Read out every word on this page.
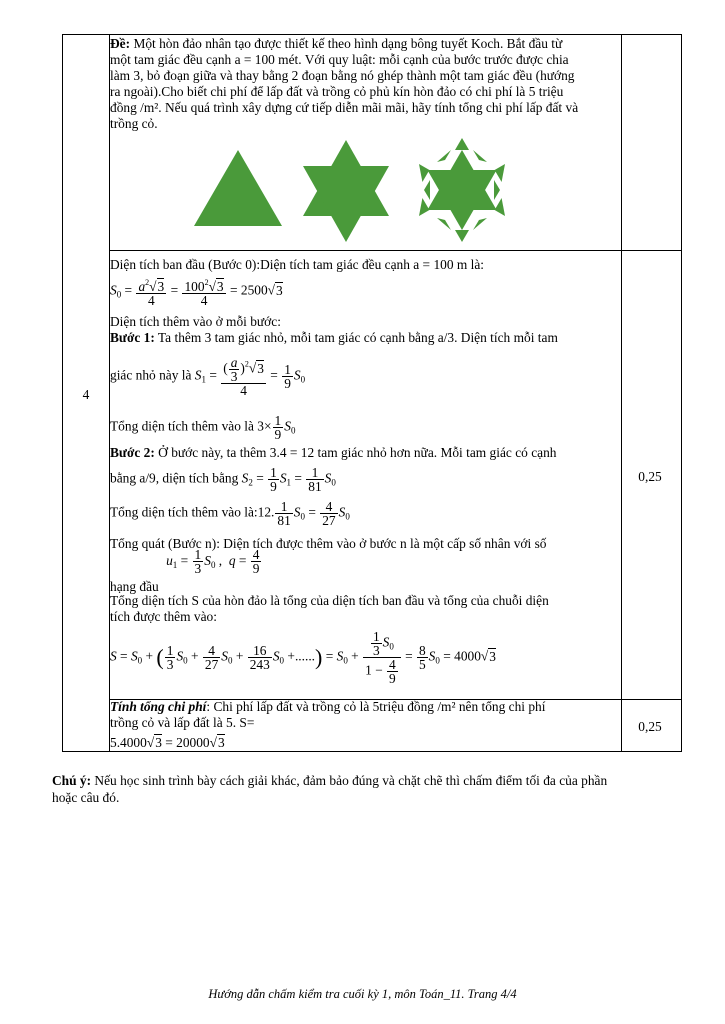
4
Đề: Một hòn đảo nhân tạo được thiết kế theo hình dạng bông tuyết Koch. Bắt đầu từ
một tam giác đều cạnh a = 100 mét. Với quy luật: mỗi cạnh của bước trước được chia
làm 3, bỏ đoạn giữa và thay bằng 2 đoạn bằng nó ghép thành một tam giác đều (hướng
ra ngoài).Cho biết chi phí để lấp đất và trồng cỏ phủ kín hòn đảo có chi phí là 5 triệu
đồng /m². Nếu quá trình xây dựng cứ tiếp diễn mãi mãi, hãy tính tổng chi phí lấp đất và
trồng cỏ.
Diện tích ban đầu (Bước 0):Diện tích tam giác đều cạnh a = 100 m là:
$S_0 = \frac{a^2√3}{4} = \frac{100^2√3}{4} = 2500√3$
Diện tích thêm vào ở mỗi bước:
Bước 1: Ta thêm 3 tam giác nhỏ, mỗi tam giác có cạnh bằng a/3. Diện tích mỗi tam
giác nhỏ này là $S_1 = \frac{( \frac{a}{3} )^2√3}{4} = \frac{1}{9} S_0$
Tổng diện tích thêm vào là $3\times \frac{1}{9} S_0$
Bước 2: Ở bước này, ta thêm 3.4 = 12 tam giác nhỏ hơn nữa. Mỗi tam giác có cạnh
bằng a/9, diện tích bằng $S_2 = \frac{1}{9} S_1 = \frac{1}{81} S_0$
Tổng diện tích thêm vào là:12. $\frac{1}{81} S_0 = \frac{4}{27} S_0$
Tổng quát (Bước n): Diện tích được thêm vào ở bước n là một cấp số nhân với số
hạng đầu $u_1 = \frac{1}{3} S_0$ ,  $q = \frac{4}{9}$
Tổng diện tích S của hòn đảo là tổng của diện tích ban đầu và tổng của chuỗi diện
tích được thêm vào:
$S = S_0$ + ( $\frac{1}{3} S_0 + \frac{4}{27} S_0 + \frac{16}{243} S_0$ +......) = $S_0 + \frac{\frac{1}{3} S_0}{1 - \frac{4}{9}} = \frac{8}{5} S_0 = 4000√3$
Tính tổng chi phí: Chi phí lấp đất và trồng cỏ là 5triệu đồng /m² nên tổng chi phí
trồng cỏ và lấp đất là 5. S=
5.4000√3 = 20000√3
0,25
0,25
Chú ý: Nếu học sinh trình bày cách giải khác, đảm bảo đúng và chặt chẽ thì chấm điểm tối đa của phần
hoặc câu đó.
Hướng dẫn chấm kiểm tra cuối kỳ 1, môn Toán_11. Trang 4/4
